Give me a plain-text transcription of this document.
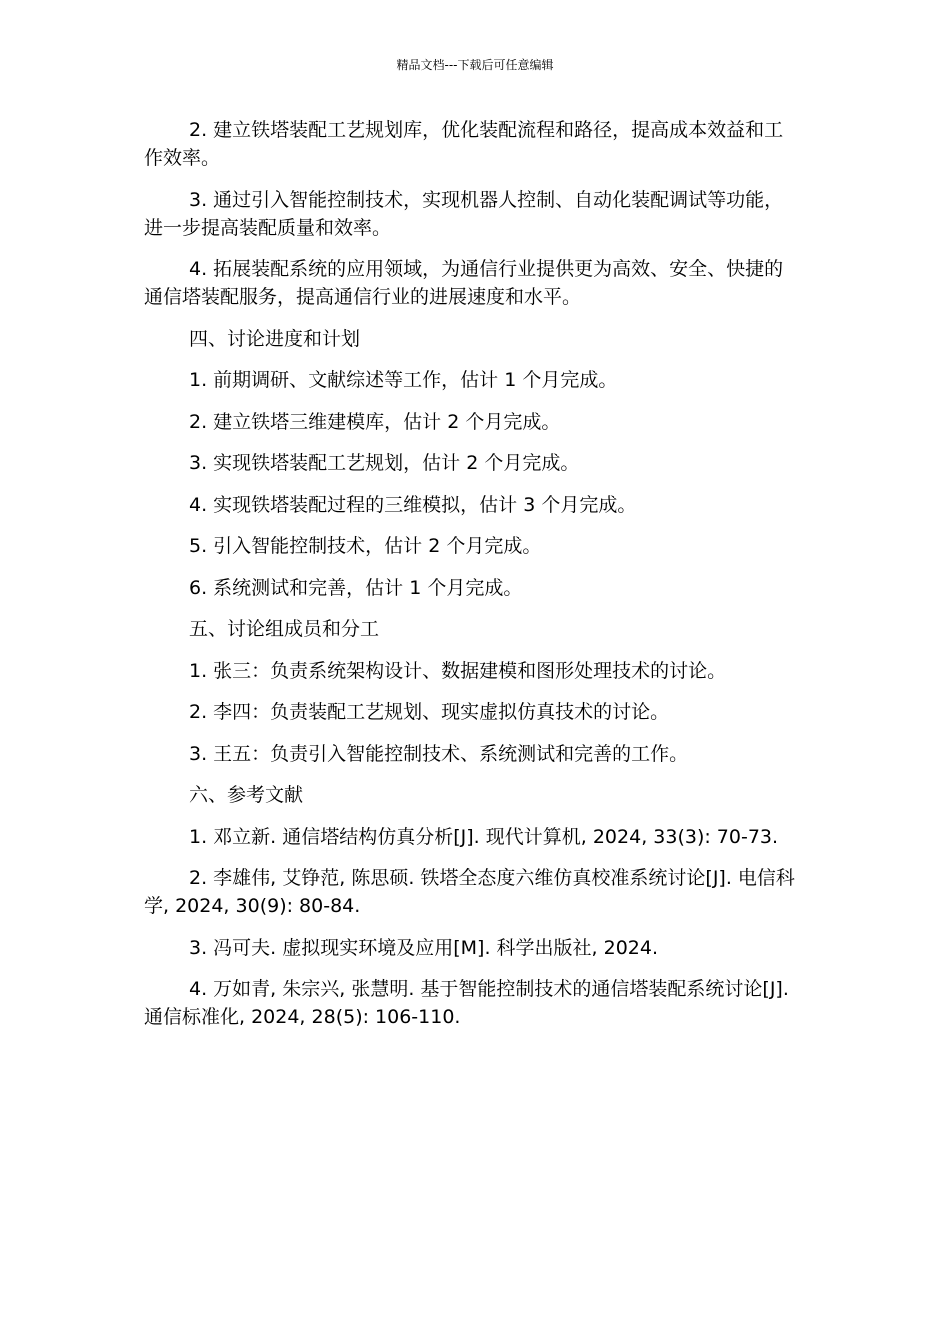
精品文档---下载后可任意编辑

2. 建立铁塔装配工艺规划库，优化装配流程和路径，提高成本效益和工作效率。

3. 通过引入智能控制技术，实现机器人控制、自动化装配调试等功能，进一步提高装配质量和效率。

4. 拓展装配系统的应用领域，为通信行业提供更为高效、安全、快捷的通信塔装配服务，提高通信行业的进展速度和水平。

四、讨论进度和计划

1. 前期调研、文献综述等工作，估计 1 个月完成。

2. 建立铁塔三维建模库，估计 2 个月完成。

3. 实现铁塔装配工艺规划，估计 2 个月完成。

4. 实现铁塔装配过程的三维模拟，估计 3 个月完成。

5. 引入智能控制技术，估计 2 个月完成。

6. 系统测试和完善，估计 1 个月完成。

五、讨论组成员和分工

1. 张三：负责系统架构设计、数据建模和图形处理技术的讨论。

2. 李四：负责装配工艺规划、现实虚拟仿真技术的讨论。

3. 王五：负责引入智能控制技术、系统测试和完善的工作。

六、参考文献

1. 邓立新. 通信塔结构仿真分析[J]. 现代计算机, 2024, 33(3): 70-73.

2. 李雄伟, 艾铮范, 陈思硕. 铁塔全态度六维仿真校准系统讨论[J]. 电信科学, 2024, 30(9): 80-84.

3. 冯可夫. 虚拟现实环境及应用[M]. 科学出版社, 2024.

4. 万如青, 朱宗兴, 张慧明. 基于智能控制技术的通信塔装配系统讨论[J]. 通信标准化, 2024, 28(5): 106-110.
